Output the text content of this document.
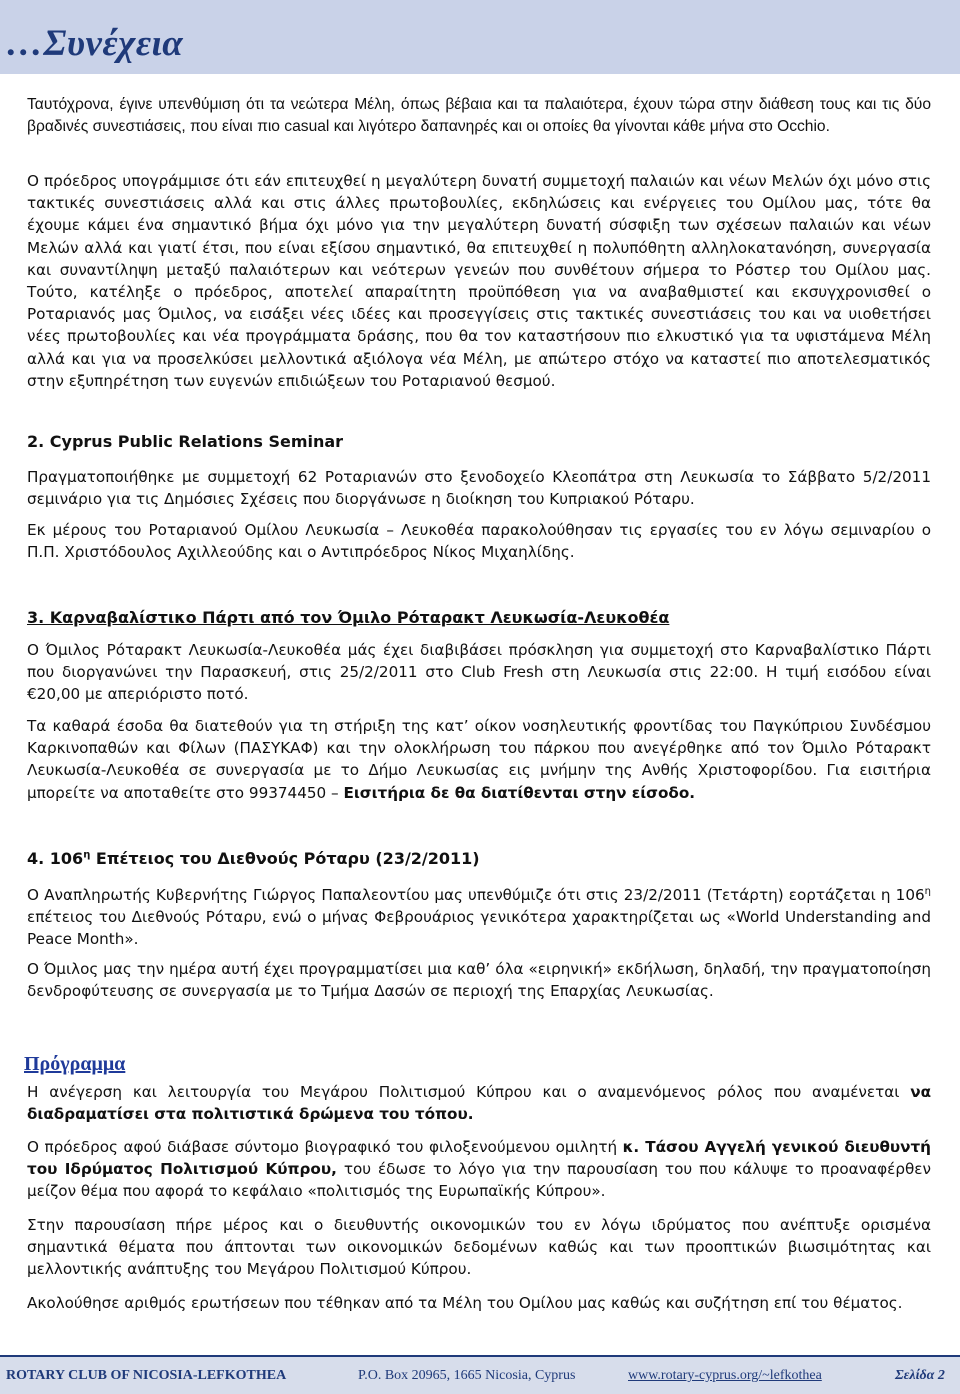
…Συνέχεια

Ταυτόχρονα, έγινε υπενθύμιση ότι τα νεώτερα Μέλη, όπως βέβαια και τα παλαιότερα, έχουν τώρα στην διάθεση τους και τις δύο βραδινές συνεστιάσεις, που είναι πιο casual και λιγότερο δαπανηρές και οι οποίες θα γίνονται κάθε μήνα στο Occhio.

Ο πρόεδρος υπογράμμισε ότι εάν επιτευχθεί η μεγαλύτερη δυνατή συμμετοχή παλαιών και νέων Μελών όχι μόνο στις τακτικές συνεστιάσεις αλλά και στις άλλες πρωτοβουλίες, εκδηλώσεις και ενέργειες του Ομίλου μας, τότε θα έχουμε κάμει ένα σημαντικό βήμα όχι μόνο για την μεγαλύτερη δυνατή σύσφιξη των σχέσεων παλαιών και νέων Μελών αλλά και γιατί έτσι, που είναι εξίσου σημαντικό, θα επιτευχθεί η πολυπόθητη αλληλοκατανόηση, συνεργασία και συναντίληψη μεταξύ παλαιότερων και νεότερων γενεών που συνθέτουν σήμερα το Ρόστερ του Ομίλου μας. Τούτο, κατέληξε ο πρόεδρος, αποτελεί απαραίτητη προϋπόθεση για να αναβαθμιστεί και εκσυγχρονισθεί ο Ροταριανός μας Όμιλος, να εισάξει νέες ιδέες και προσεγγίσεις στις τακτικές συνεστιάσεις του και να υιοθετήσει νέες πρωτοβουλίες και νέα προγράμματα δράσης, που θα τον καταστήσουν πιο ελκυστικό για τα υφιστάμενα Μέλη αλλά και για να προσελκύσει μελλοντικά αξιόλογα νέα Μέλη, με απώτερο στόχο να καταστεί πιο αποτελεσματικός στην εξυπηρέτηση των ευγενών επιδιώξεων του Ροταριανού θεσμού.

2. Cyprus Public Relations Seminar

Πραγματοποιήθηκε με συμμετοχή 62 Ροταριανών στο ξενοδοχείο Κλεοπάτρα στη Λευκωσία το Σάββατο 5/2/2011 σεμινάριο για τις Δημόσιες Σχέσεις που διοργάνωσε η διοίκηση του Κυπριακού Ρόταρυ.

Εκ μέρους του Ροταριανού Ομίλου Λευκωσία – Λευκοθέα παρακολούθησαν τις εργασίες του εν λόγω σεμιναρίου ο Π.Π. Χριστόδουλος Αχιλλεούδης και ο Αντιπρόεδρος Νίκος Μιχαηλίδης.

3. Καρναβαλίστικο Πάρτι από τον Όμιλο Ρόταρακτ Λευκωσία-Λευκοθέα

Ο Όμιλος Ρόταρακτ Λευκωσία-Λευκοθέα μάς έχει διαβιβάσει πρόσκληση για συμμετοχή στο Καρναβαλίστικο Πάρτι που διοργανώνει την Παρασκευή, στις 25/2/2011 στο Club Fresh στη Λευκωσία στις 22:00. Η τιμή εισόδου είναι €20,00 με απεριόριστο ποτό.

Τα καθαρά έσοδα θα διατεθούν για τη στήριξη της κατ’ οίκον νοσηλευτικής φροντίδας του Παγκύπριου Συνδέσμου Καρκινοπαθών και Φίλων (ΠΑΣΥΚΑΦ) και την ολοκλήρωση του πάρκου που ανεγέρθηκε από τον Όμιλο Ρόταρακτ Λευκωσία-Λευκοθέα σε συνεργασία με το Δήμο Λευκωσίας εις μνήμην της Ανθής Χριστοφορίδου. Για εισιτήρια μπορείτε να αποταθείτε στο 99374450 – Εισιτήρια δε θα διατίθενται στην είσοδο.

4. $106^\eta$ Επέτειος του Διεθνούς Ρόταρυ (23/2/2011)

Ο Αναπληρωτής Κυβερνήτης Γιώργος Παπαλεοντίου μας υπενθύμιζε ότι στις 23/2/2011 (Τετάρτη) εορτάζεται η $106^\eta$ επέτειος του Διεθνούς Ρόταρυ, ενώ ο μήνας Φεβρουάριος γενικότερα χαρακτηρίζεται ως «World Understanding and Peace Month».

Ο Όμιλος μας την ημέρα αυτή έχει προγραμματίσει μια καθ’ όλα «ειρηνική» εκδήλωση, δηλαδή, την πραγματοποίηση δενδροφύτευσης σε συνεργασία με το Τμήμα Δασών σε περιοχή της Επαρχίας Λευκωσίας.

Πρόγραμμα

Η ανέγερση και λειτουργία του Μεγάρου Πολιτισμού Κύπρου και ο αναμενόμενος ρόλος που αναμένεται να διαδραματίσει στα πολιτιστικά δρώμενα του τόπου.

Ο πρόεδρος αφού διάβασε σύντομο βιογραφικό του φιλοξενούμενου ομιλητή κ. Τάσου Αγγελή γενικού διευθυντή του Ιδρύματος Πολιτισμού Κύπρου, του έδωσε το λόγο για την παρουσίαση του που κάλυψε το προαναφέρθεν μείζον θέμα που αφορά το κεφάλαιο «πολιτισμός της Ευρωπαϊκής Κύπρου».

Στην παρουσίαση πήρε μέρος και ο διευθυντής οικονομικών του εν λόγω ιδρύματος που ανέπτυξε ορισμένα σημαντικά θέματα που άπτονται των οικονομικών δεδομένων καθώς και των προοπτικών βιωσιμότητας και μελλοντικής ανάπτυξης του Μεγάρου Πολιτισμού Κύπρου.

Ακολούθησε αριθμός ερωτήσεων που τέθηκαν από τα Μέλη του Ομίλου μας καθώς και συζήτηση επί του θέματος.

ROTARY CLUB OF NICOSIA-LEFKOTHEA	P.O. Box 20965, 1665 Nicosia, Cyprus	www.rotary-cyprus.org/~lefkothea	Σελίδα 2
